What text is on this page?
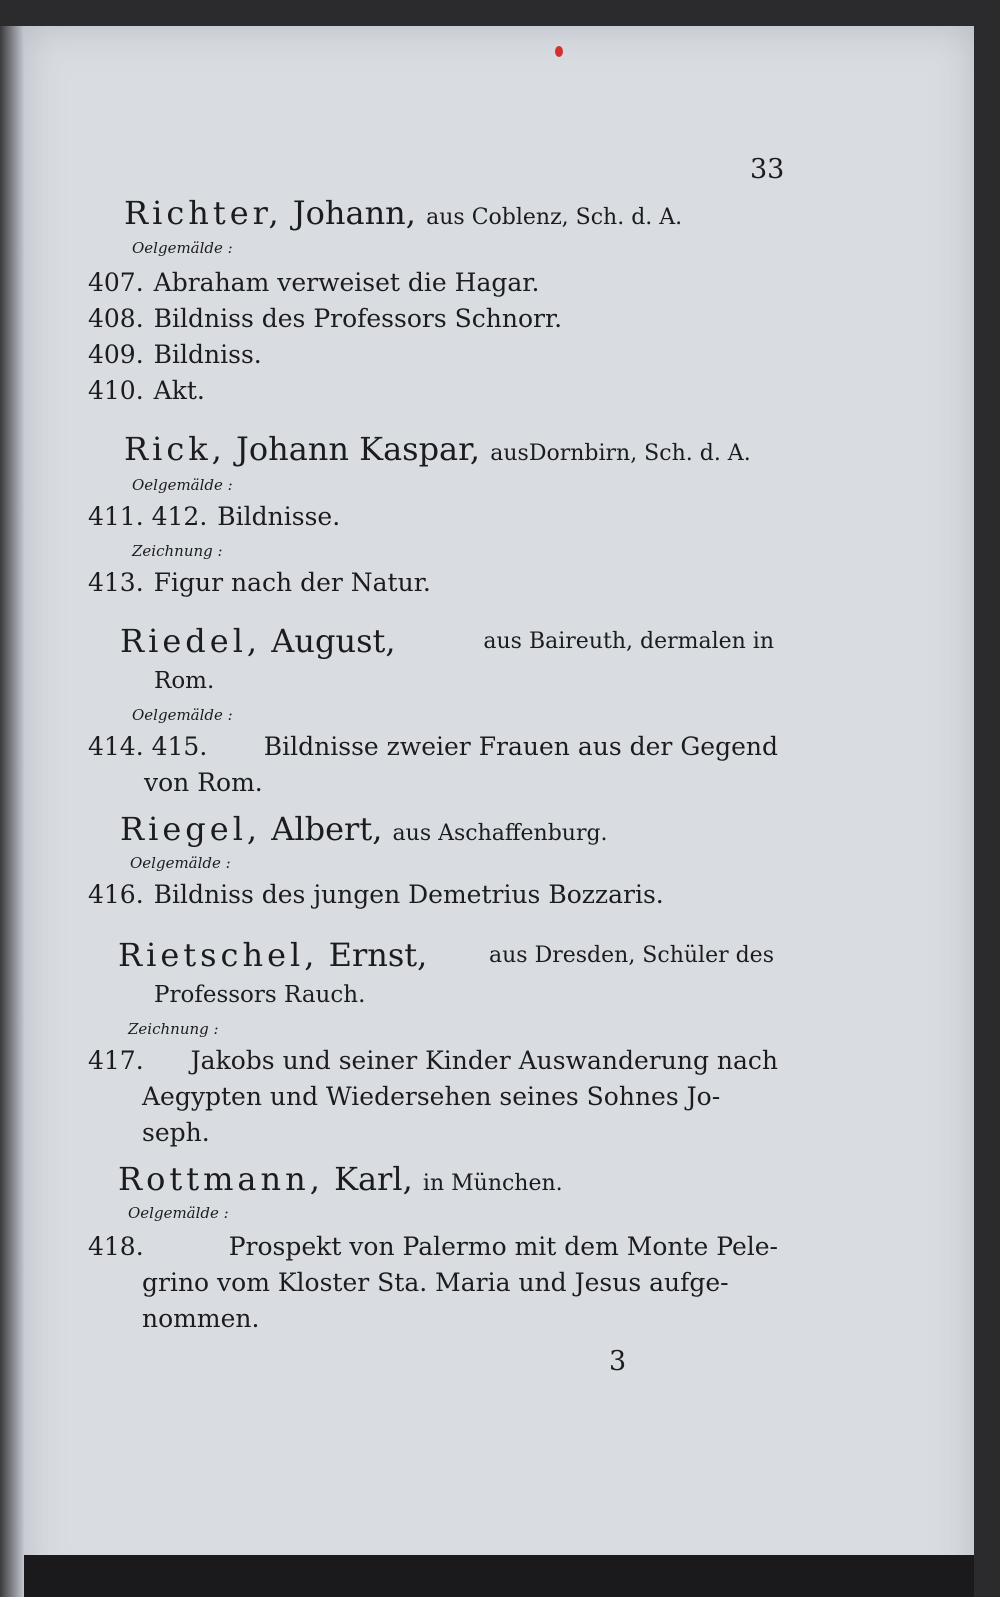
33
Richter, Johann, aus Coblenz, Sch. d. A.
Oelgemälde :
407. Abraham verweiset die Hagar.
408. Bildniss des Professors Schnorr.
409. Bildniss.
410. Akt.
Rick, Johann Kaspar, ausDornbirn, Sch. d. A.
Oelgemälde :
411. 412. Bildnisse.
Zeichnung :
413. Figur nach der Natur.
Riedel, August,	aus Baireuth, dermalen in
Rom.
Oelgemälde :
414. 415. Bildnisse zweier Frauen aus der Gegend
von Rom.
Riegel, Albert, aus Aschaffenburg.
Oelgemälde :
416. Bildniss des jungen Demetrius Bozzaris.
Rietschel, Ernst,	aus Dresden, Schüler des
Professors Rauch.
Zeichnung :
417. Jakobs und seiner Kinder Auswanderung nach
Aegypten und Wiedersehen seines Sohnes Jo-
seph.
Rottmann, Karl, in München.
Oelgemälde :
418.	Prospekt von Palermo mit dem Monte Pele-
grino vom Kloster Sta. Maria und Jesus aufge-
nommen.
3
